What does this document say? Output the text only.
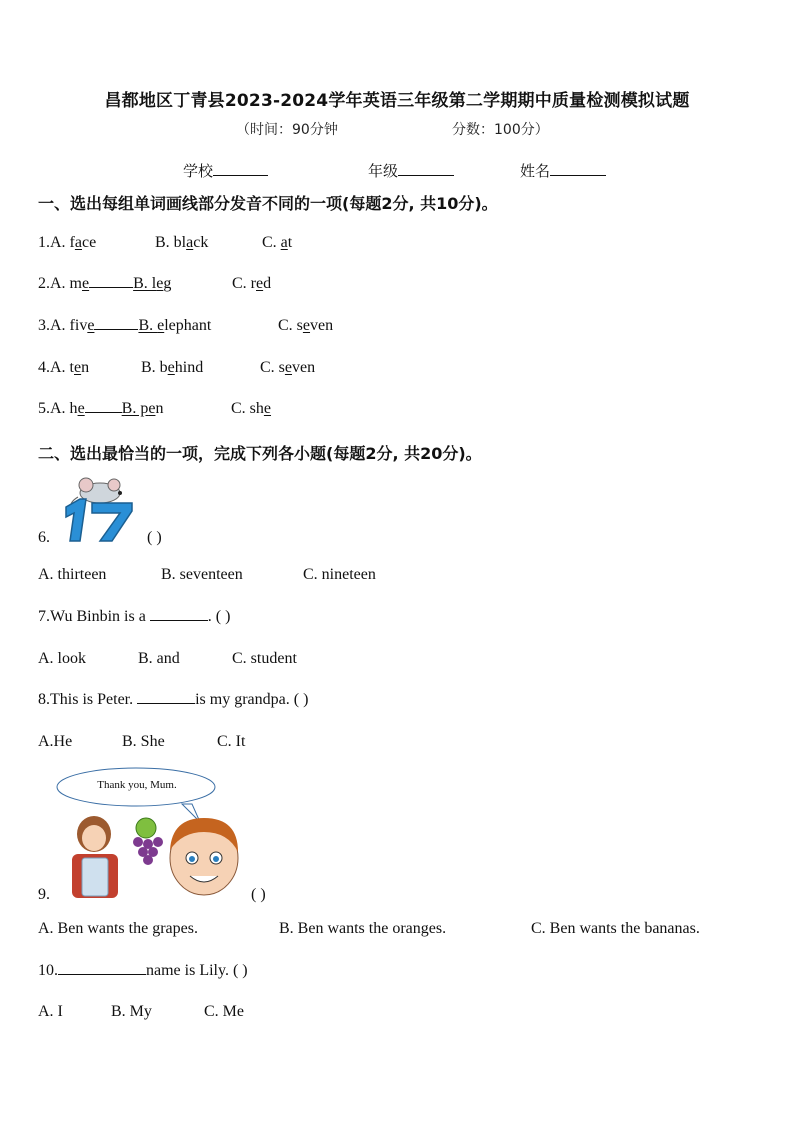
昌都地区丁青县2023-2024学年英语三年级第二学期期中质量检测模拟试题
（时间：90分钟	分数：100分）
学校	年级	姓名
一、选出每组单词画线部分发音不同的一项(每题2分, 共10分)。
1.A. face	B. black	C. at
2.A. me	B. leg	C. red
3.A. five	B. elephant	C. seven
4.A. ten	B. behind	C. seven
5.A. he B. pen	C. she
二、选出最恰当的一项，完成下列各小题(每题2分, 共20分)。
6.	( )
A. thirteen	B. seventeen	C. nineteen
7.Wu Binbin is a	. ( )
A. look	B. and	C. student
8.This is Peter.	is my grandpa. ( )
A.He	B. She	C. It
Thank you, Mum.
9.	( )
A. Ben wants the grapes.	B. Ben wants the oranges.	C. Ben wants the bananas.
10.	name is Lily. ( )
A. I	B. My	C. Me
